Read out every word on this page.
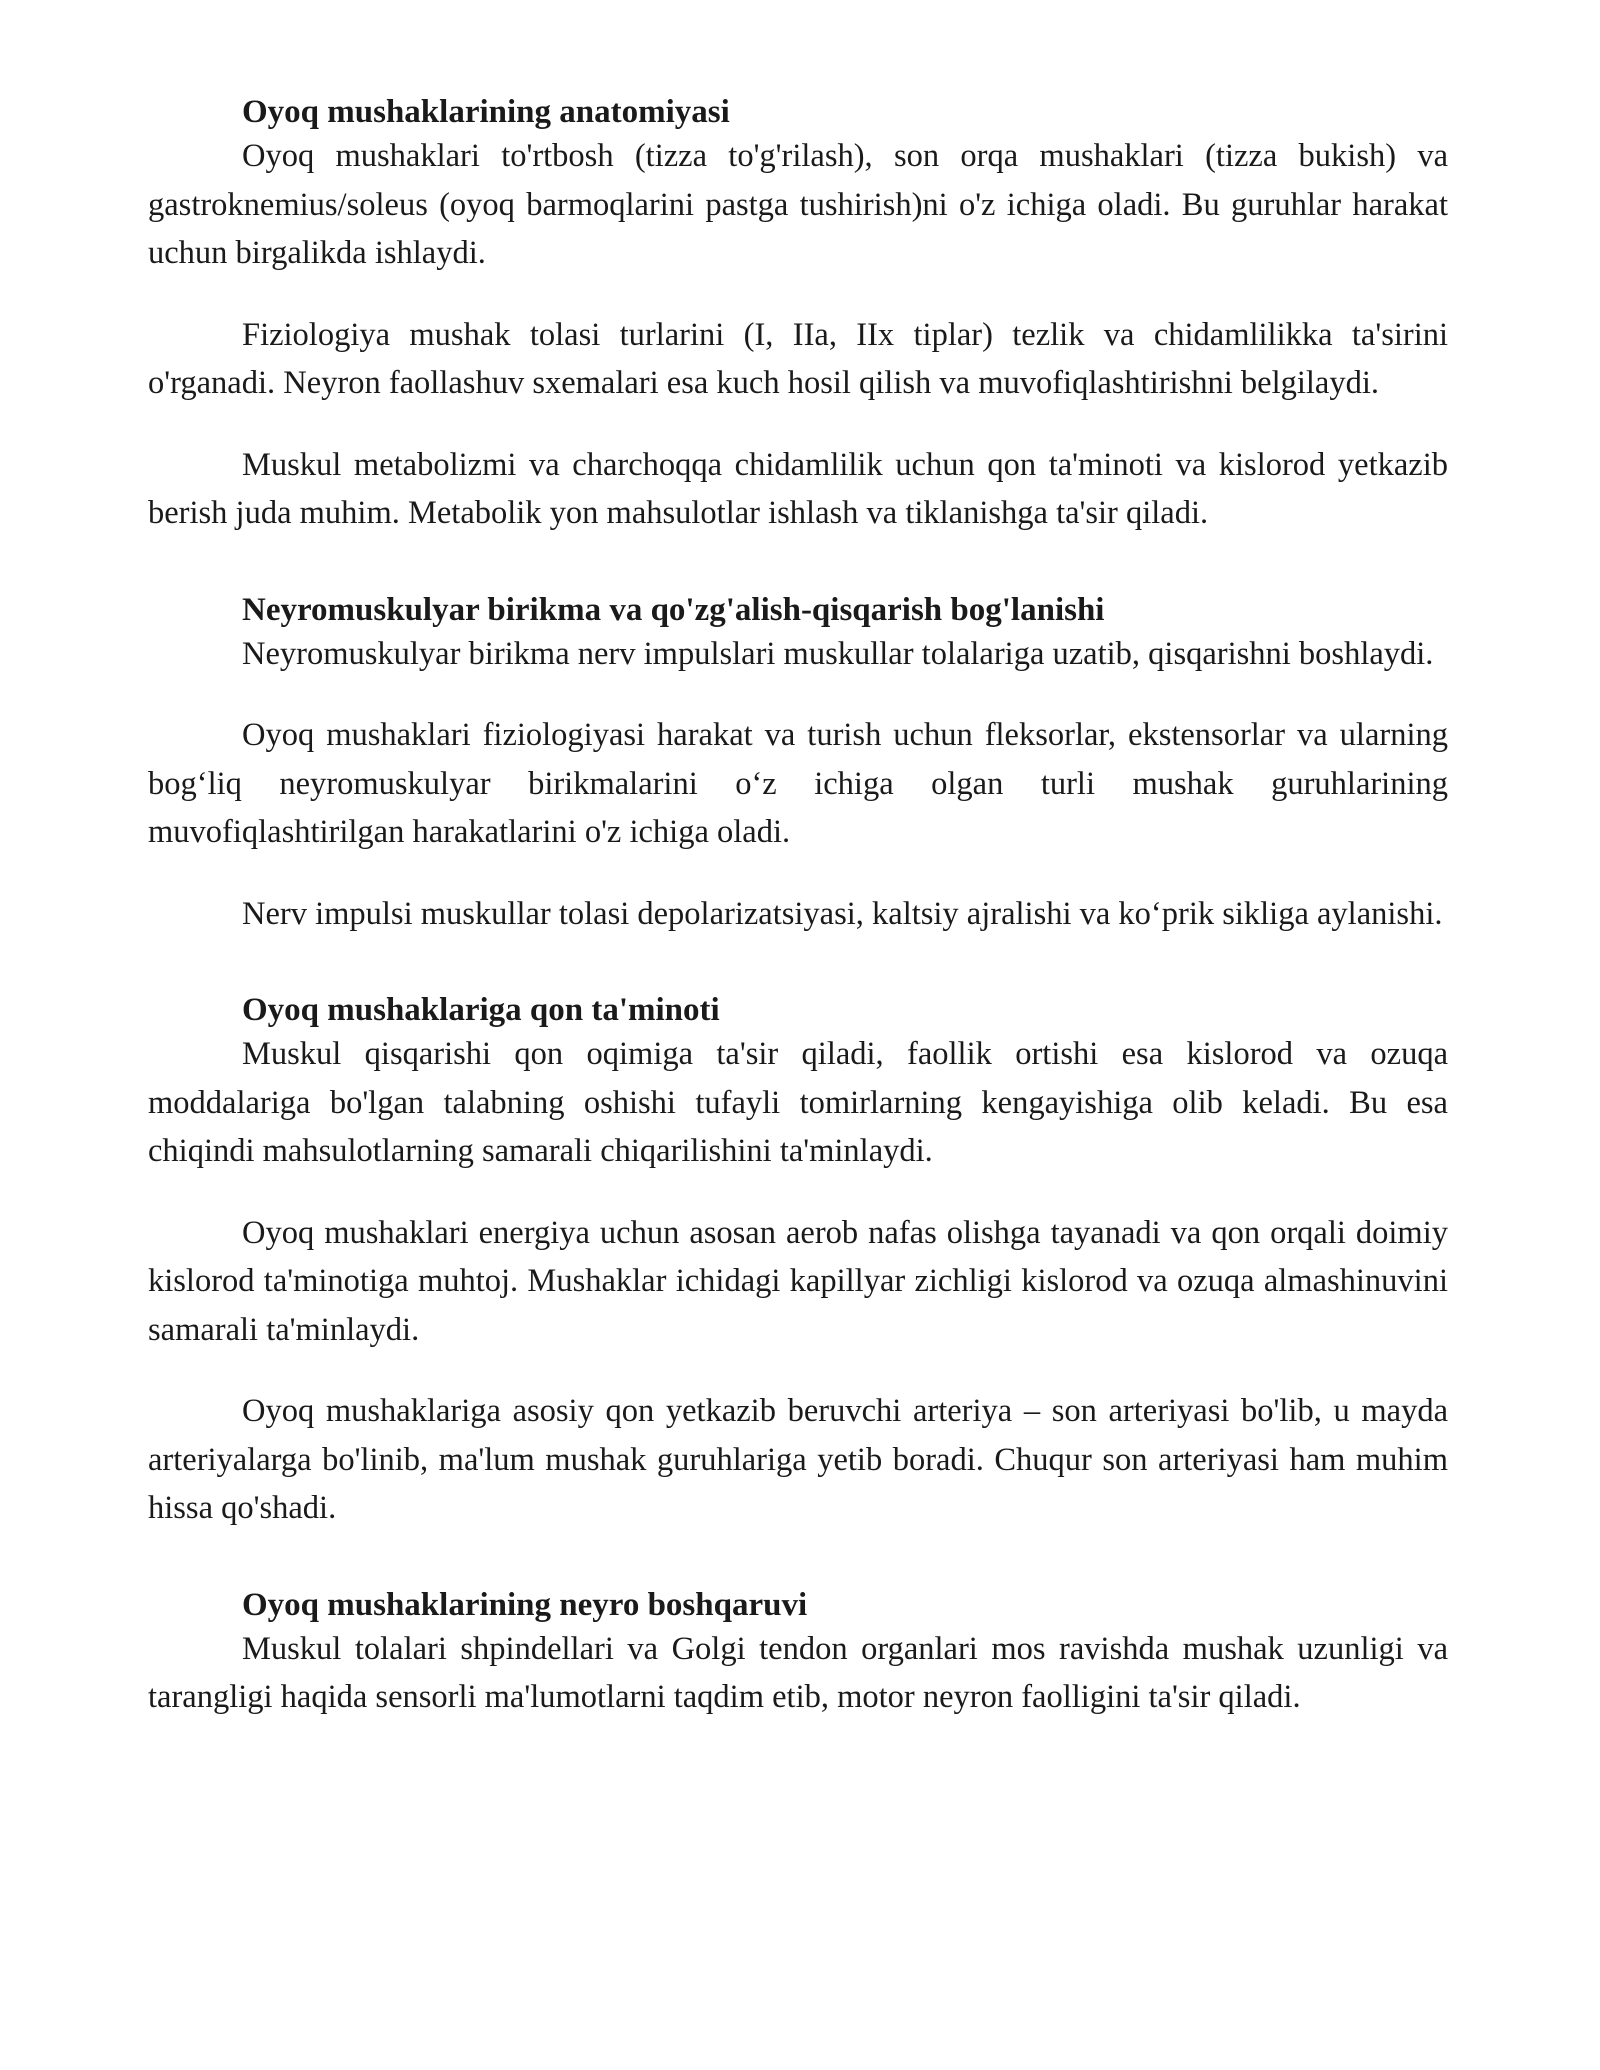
Oyoq mushaklarining anatomiyasi

Oyoq mushaklari to'rtbosh (tizza to'g'rilash), son orqa mushaklari (tizza bukish) va gastroknemius/soleus (oyoq barmoqlarini pastga tushirish)ni o'z ichiga oladi. Bu guruhlar harakat uchun birgalikda ishlaydi.

Fiziologiya mushak tolasi turlarini (I, IIa, IIx tiplar) tezlik va chidamlilikka ta'sirini o'rganadi. Neyron faollashuv sxemalari esa kuch hosil qilish va muvofiqlashtirishni belgilaydi.

Muskul metabolizmi va charchoqqa chidamlilik uchun qon ta'minoti va kislorod yetkazib berish juda muhim. Metabolik yon mahsulotlar ishlash va tiklanishga ta'sir qiladi.

Neyromuskulyar birikma va qo'zg'alish-qisqarish bog'lanishi

Neyromuskulyar birikma nerv impulslari muskullar tolalariga uzatib, qisqarishni boshlaydi.

Oyoq mushaklari fiziologiyasi harakat va turish uchun fleksorlar, ekstensorlar va ularning bog‘liq neyromuskulyar birikmalarini o‘z ichiga olgan turli mushak guruhlarining muvofiqlashtirilgan harakatlarini o'z ichiga oladi.

Nerv impulsi muskullar tolasi depolarizatsiyasi, kaltsiy ajralishi va ko‘prik sikliga aylanishi.

Oyoq mushaklariga qon ta'minoti

Muskul qisqarishi qon oqimiga ta'sir qiladi, faollik ortishi esa kislorod va ozuqa moddalariga bo'lgan talabning oshishi tufayli tomirlarning kengayishiga olib keladi. Bu esa chiqindi mahsulotlarning samarali chiqarilishini ta'minlaydi.

Oyoq mushaklari energiya uchun asosan aerob nafas olishga tayanadi va qon orqali doimiy kislorod ta'minotiga muhtoj. Mushaklar ichidagi kapillyar zichligi kislorod va ozuqa almashinuvini samarali ta'minlaydi.

Oyoq mushaklariga asosiy qon yetkazib beruvchi arteriya – son arteriyasi bo'lib, u mayda arteriyalarga bo'linib, ma'lum mushak guruhlariga yetib boradi. Chuqur son arteriyasi ham muhim hissa qo'shadi.

Oyoq mushaklarining neyro boshqaruvi

Muskul tolalari shpindellari va Golgi tendon organlari mos ravishda mushak uzunligi va tarangligi haqida sensorli ma'lumotlarni taqdim etib, motor neyron faolligini ta'sir qiladi.
